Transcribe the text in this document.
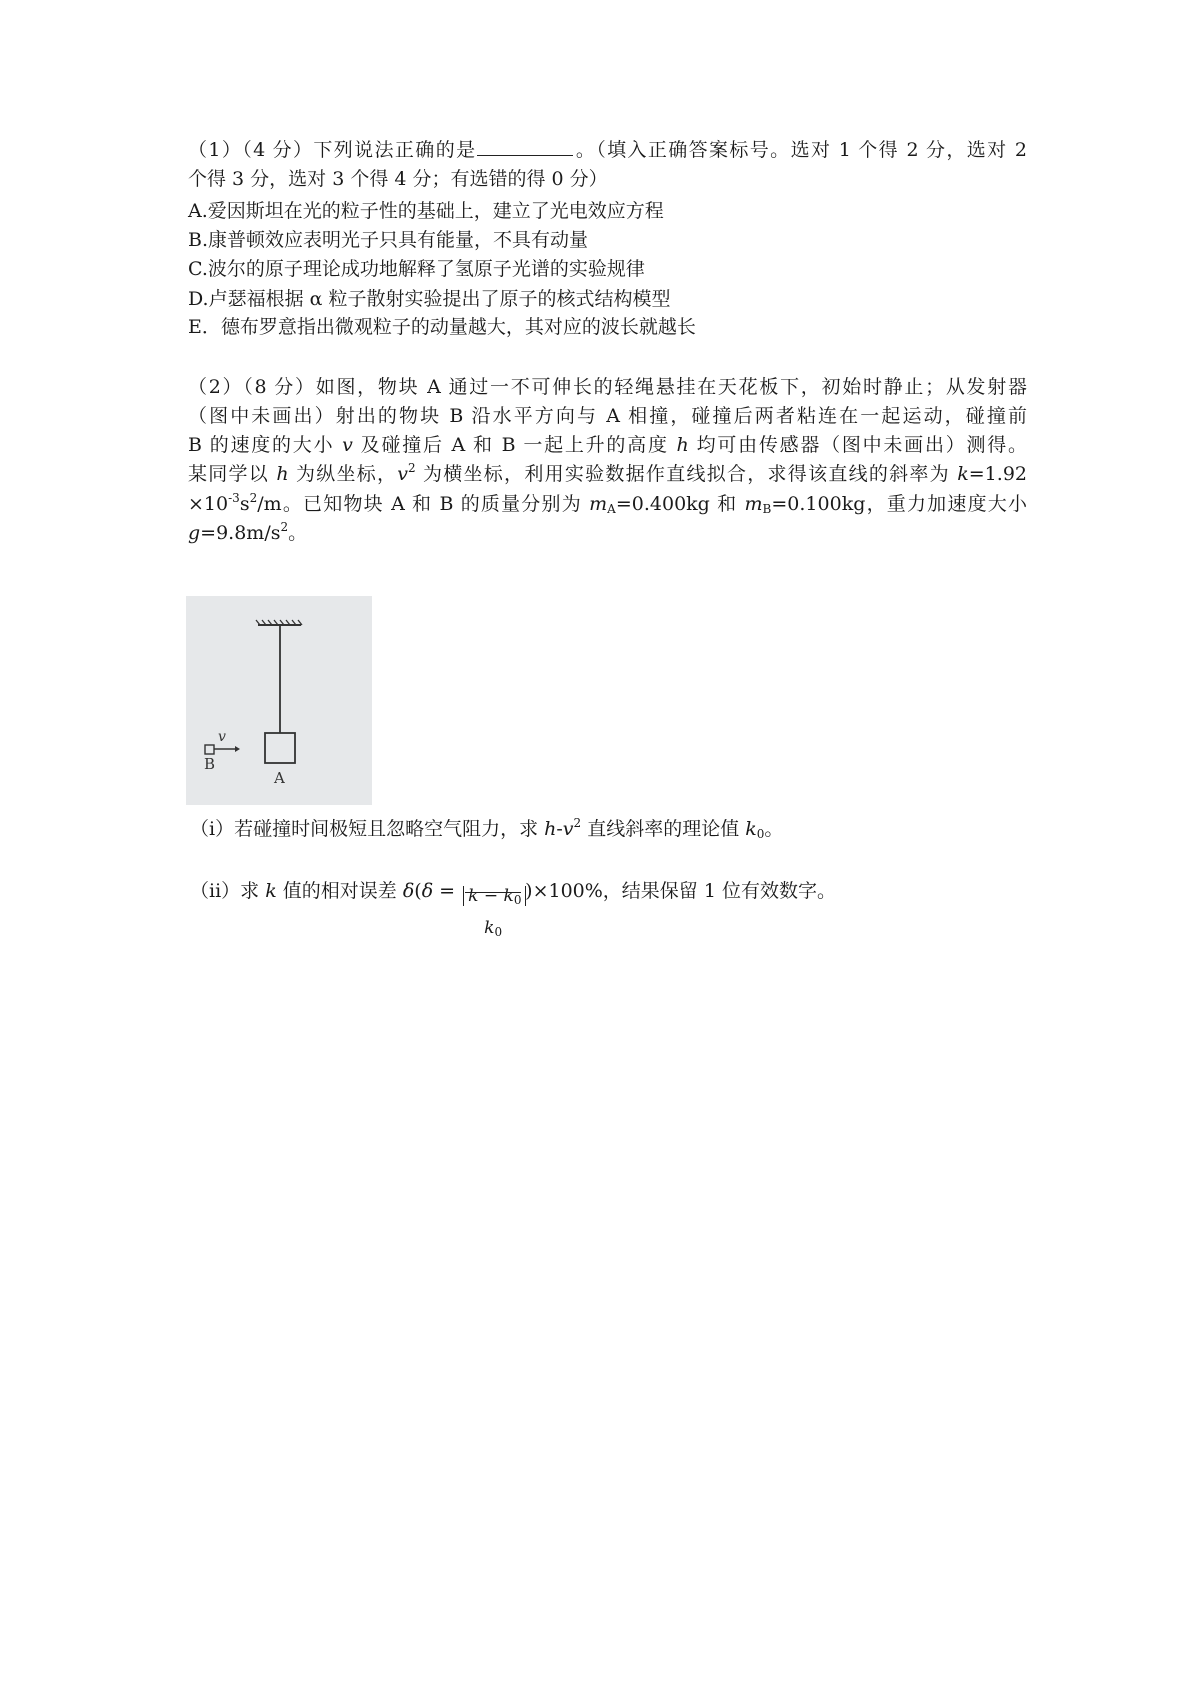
（1）（4 分）下列说法正确的是	。（填入正确答案标号。选对 1 个得 2 分，选对 2
个得 3 分，选对 3 个得 4 分；有选错的得 0 分）
A.爱因斯坦在光的粒子性的基础上，建立了光电效应方程
B.康普顿效应表明光子只具有能量，不具有动量
C.波尔的原子理论成功地解释了氢原子光谱的实验规律
D.卢瑟福根据 α 粒子散射实验提出了原子的核式结构模型
E．德布罗意指出微观粒子的动量越大，其对应的波长就越长
（2）（8 分）如图，物块 A 通过一不可伸长的轻绳悬挂在天花板下，初始时静止；从发射器
（图中未画出）射出的物块 B 沿水平方向与 A 相撞，碰撞后两者粘连在一起运动，碰撞前
B 的速度的大小 v 及碰撞后 A 和 B 一起上升的高度 h 均可由传感器（图中未画出）测得。
某同学以 h 为纵坐标，$v^2$ 为横坐标，利用实验数据作直线拟合，求得该直线的斜率为 k=1.92
$\times 10^{-3}s^2/m$。已知物块 A 和 B 的质量分别为 $m_A=0.400kg$ 和 $m_B=0.100kg$，重力加速度大小
$g=9.8m/s^2$。
v
B
A
（i）若碰撞时间极短且忽略空气阻力，求 $h-v^2$ 直线斜率的理论值 $k_0$。
（ii）求 k 值的相对误差 $\delta(\delta = k - k_0$
$k_0$
)×100%，结果保留 1 位有效数字。
